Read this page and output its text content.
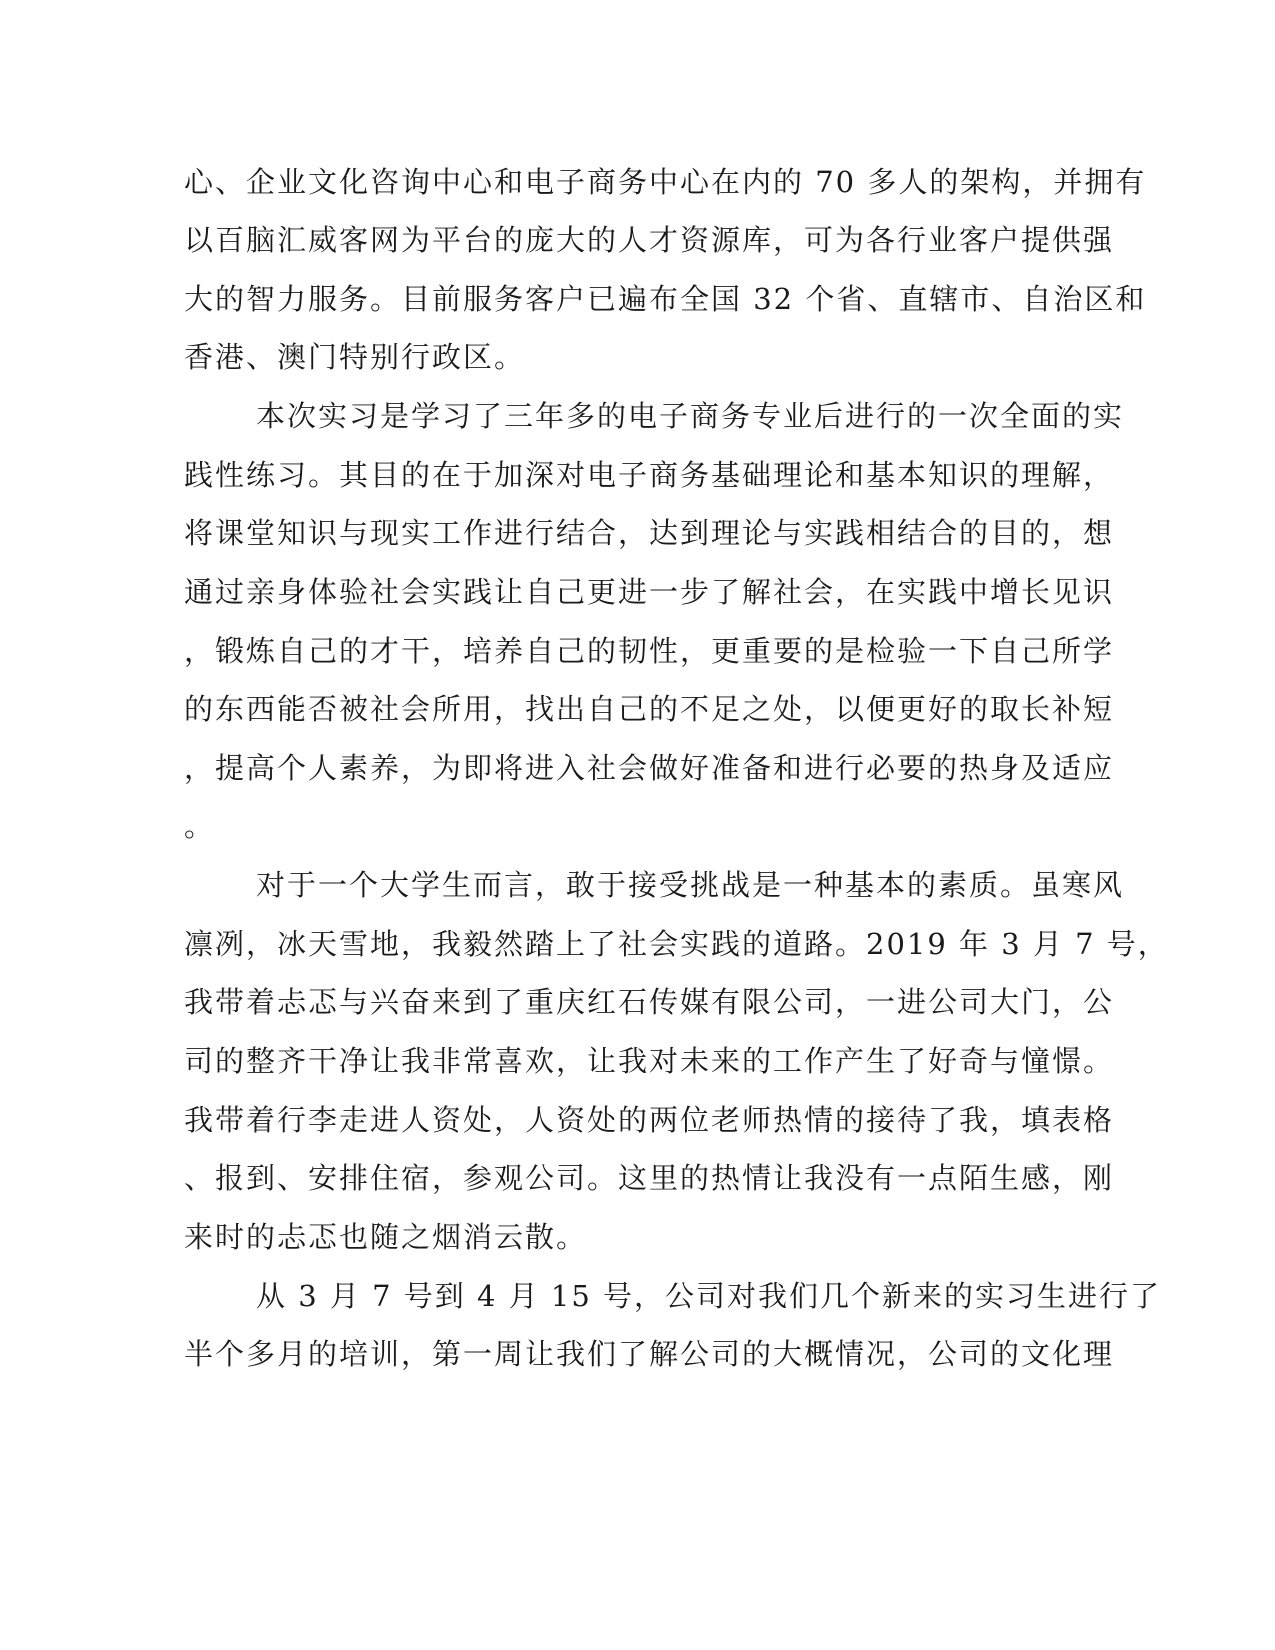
心、企业文化咨询中心和电子商务中心在内的 70 多人的架构，并拥有
以百脑汇威客网为平台的庞大的人才资源库，可为各行业客户提供强
大的智力服务。目前服务客户已遍布全国 32 个省、直辖市、自治区和
香港、澳门特别行政区。
本次实习是学习了三年多的电子商务专业后进行的一次全面的实
践性练习。其目的在于加深对电子商务基础理论和基本知识的理解，
将课堂知识与现实工作进行结合，达到理论与实践相结合的目的，想
通过亲身体验社会实践让自己更进一步了解社会，在实践中增长见识
，锻炼自己的才干，培养自己的韧性，更重要的是检验一下自己所学
的东西能否被社会所用，找出自己的不足之处，以便更好的取长补短
，提高个人素养，为即将进入社会做好准备和进行必要的热身及适应
。
对于一个大学生而言，敢于接受挑战是一种基本的素质。虽寒风
凛冽，冰天雪地，我毅然踏上了社会实践的道路。2019 年 3 月 7 号，
我带着忐忑与兴奋来到了重庆红石传媒有限公司，一进公司大门，公
司的整齐干净让我非常喜欢，让我对未来的工作产生了好奇与憧憬。
我带着行李走进人资处，人资处的两位老师热情的接待了我，填表格
、报到、安排住宿，参观公司。这里的热情让我没有一点陌生感，刚
来时的忐忑也随之烟消云散。
从 3 月 7 号到 4 月 15 号，公司对我们几个新来的实习生进行了
半个多月的培训，第一周让我们了解公司的大概情况，公司的文化理
